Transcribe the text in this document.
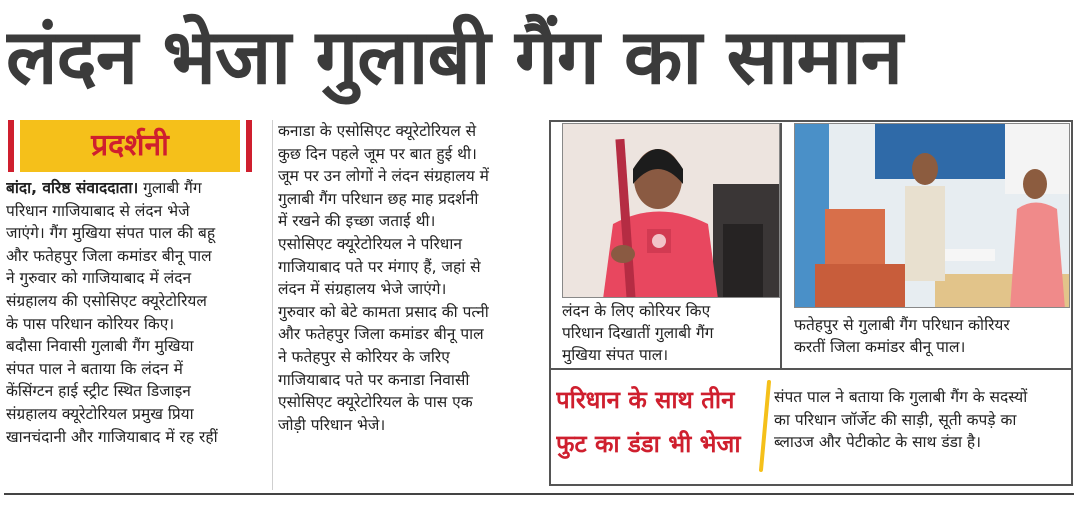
लंदन भेजा गुलाबी गैंग का सामान
प्रदर्शनी
बांदा, वरिष्ठ संवाददाता। गुलाबी गैंग
परिधान गाजियाबाद से लंदन भेजे
जाएंगे। गैंग मुखिया संपत पाल की बहू
और फतेहपुर जिला कमांडर बीनू पाल
ने गुरुवार को गाजियाबाद में लंदन
संग्रहालय की एसोसिएट क्यूरेटोरियल
के पास परिधान कोरियर किए।
बदौसा निवासी गुलाबी गैंग मुखिया
संपत पाल ने बताया कि लंदन में
केंसिंग्टन हाई स्ट्रीट स्थित डिजाइन
संग्रहालय क्यूरेटोरियल प्रमुख प्रिया
खानचंदानी और गाजियाबाद में रह रहीं
कनाडा के एसोसिएट क्यूरेटोरियल से
कुछ दिन पहले जूम पर बात हुई थी।
जूम पर उन लोगों ने लंदन संग्रहालय में
गुलाबी गैंग परिधान छह माह प्रदर्शनी
में रखने की इच्छा जताई थी।
एसोसिएट क्यूरेटोरियल ने परिधान
गाजियाबाद पते पर मंगाए हैं, जहां से
लंदन में संग्रहालय भेजे जाएंगे।
गुरुवार को बेटे कामता प्रसाद की पत्नी
और फतेहपुर जिला कमांडर बीनू पाल
ने फतेहपुर से कोरियर के जरिए
गाजियाबाद पते पर कनाडा निवासी
एसोसिएट क्यूरेटोरियल के पास एक
जोड़ी परिधान भेजे।
लंदन के लिए कोरियर किए
परिधान दिखातीं गुलाबी गैंग
मुखिया संपत पाल।
फतेहपुर से गुलाबी गैंग परिधान कोरियर
करतीं जिला कमांडर बीनू पाल।
परिधान के साथ तीन
फुट का डंडा भी भेजा
संपत पाल ने बताया कि गुलाबी गैंग के सदस्यों
का परिधान जॉर्जेट की साड़ी, सूती कपड़े का
ब्लाउज और पेटीकोट के साथ डंडा है।
